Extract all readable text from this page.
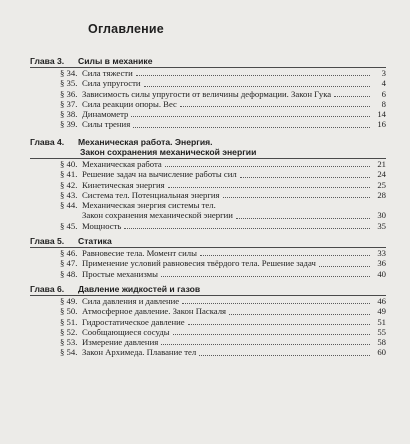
Оглавление
Глава 3.	Силы в механике
§ 34. Сила тяжести	3
§ 35. Сила упругости	4
§ 36. Зависимость силы упругости от величины деформации. Закон Гука	6
§ 37. Сила реакции опоры. Вес	8
§ 38. Динамометр	14
§ 39. Силы трения	16
Глава 4.	Механическая работа. Энергия.
Закон сохранения механической энергии
§ 40. Механическая работа	21
§ 41. Решение задач на вычисление работы сил	24
§ 42. Кинетическая энергия	25
§ 43. Система тел. Потенциальная энергия	28
§ 44. Механическая энергия системы тел.
Закон сохранения механической энергии	30
§ 45. Мощность	35
Глава 5.	Статика
§ 46. Равновесие тела. Момент силы	33
§ 47. Применение условий равновесия твёрдого тела. Решение задач	36
§ 48. Простые механизмы	40
Глава 6.	Давление жидкостей и газов
§ 49. Сила давления и давление	46
§ 50. Атмосферное давление. Закон Паскаля	49
§ 51. Гидростатическое давление	51
§ 52. Сообщающиеся сосуды	55
§ 53. Измерение давления	58
§ 54. Закон Архимеда. Плавание тел	60
